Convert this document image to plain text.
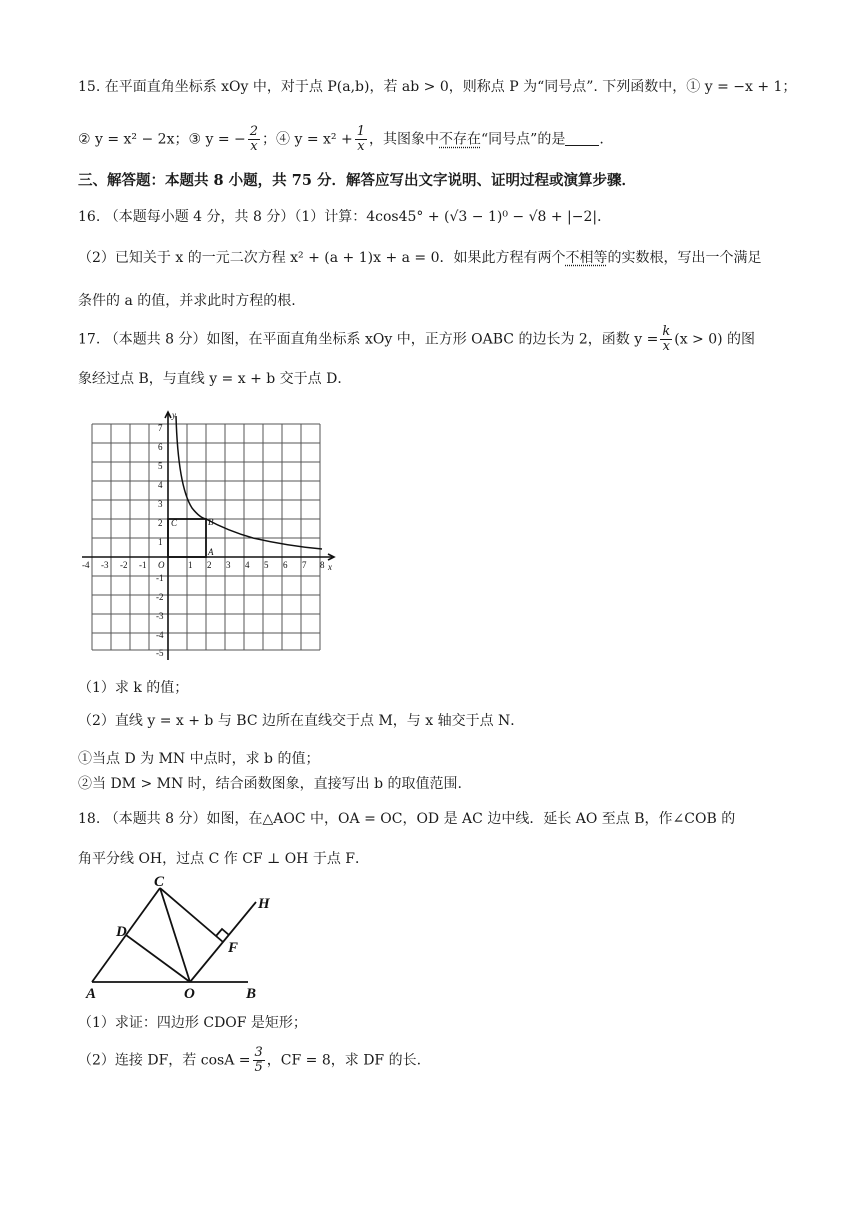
15. 在平面直角坐标系 xOy 中，对于点 P(a,b)，若 ab > 0，则称点 P 为“同号点”. 下列函数中，① y = −x + 1；
② y = x² − 2x；③ y = − $\frac{2}{x}$ ；④ $y = x^2 + \frac{1}{x}$ ，其图象中不存在“同号点”的是 .
三、解答题：本题共 8 小题，共 75 分．解答应写出文字说明、证明过程或演算步骤．
16. （本题每小题 4 分，共 8 分）（1）计算：4cos45° + (√3 − 1)⁰ − √8 + |−2|．
（2）已知关于 x 的一元二次方程 x² + (a + 1)x + a = 0．如果此方程有两个不相等的实数根，写出一个满足
条件的 a 的值，并求此时方程的根.
17. （本题共 8 分）如图，在平面直角坐标系 xOy 中，正方形 OABC 的边长为 2，函数 $y = \frac{k}{x} (x > 0)$ 的图
象经过点 B，与直线 y = x + b 交于点 D．
-4 -3 -2 -1 O	1 2 3 4 5 6 7 8 x
y
7
6
5
4
3
2
1
-1
-2
-3
-4
-5
C	B
A
（1）求 k 的值；
（2）直线 y = x + b 与 BC 边所在直线交于点 M，与 x 轴交于点 N．
①当点 D 为 MN 中点时，求 b 的值；
②当 DM > MN 时，结合函数图象，直接写出 b 的取值范围.
18. （本题共 8 分）如图，在△AOC 中，OA = OC，OD 是 AC 边中线．延长 AO 至点 B，作∠COB 的
角平分线 OH，过点 C 作 CF ⊥ OH 于点 F．
C
H
D
F
A	O	B
（1）求证：四边形 CDOF 是矩形；
（2）连接 DF，若 $\cos A = \frac{3}{5}$ ，CF = 8，求 DF 的长.
